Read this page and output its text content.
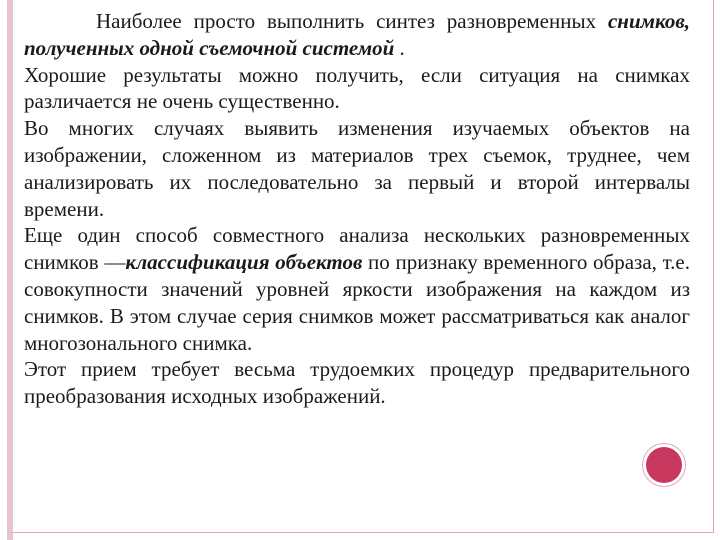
Наиболее просто выполнить синтез разновременных снимков, полученных одной съемочной системой .

Хорошие результаты можно получить, если ситуация на снимках различается не очень существенно.

Во многих случаях выявить изменения изучаемых объектов на изображении, сложенном из материалов трех съемок, труднее, чем анализировать их последовательно за первый и второй интервалы времени.

Еще один способ совместного анализа нескольких разновременных снимков —классификация объектов по признаку временного образа, т.е. совокупности значений уровней яркости изображения на каждом из снимков. В этом случае серия снимков может рассматриваться как аналог многозонального снимка.

Этот прием требует весьма трудоемких процедур предварительного преобразования исходных изображений.
